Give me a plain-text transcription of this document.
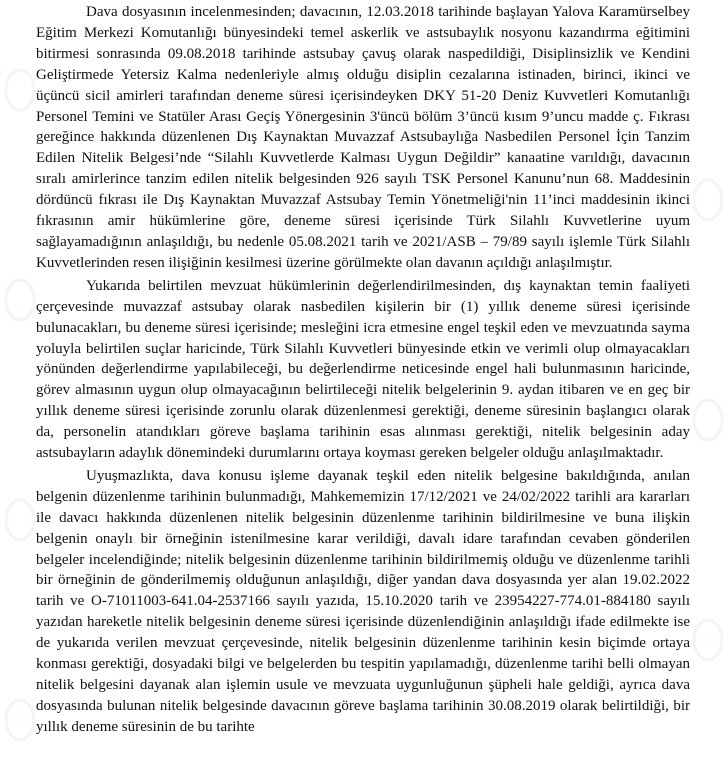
Dava dosyasının incelenmesinden; davacının, 12.03.2018 tarihinde başlayan Yalova Karamürselbey Eğitim Merkezi Komutanlığı bünyesindeki temel askerlik ve astsubaylık nosyonu kazandırma eğitimini bitirmesi sonrasında 09.08.2018 tarihinde astsubay çavuş olarak naspedildiği, Disiplinsizlik ve Kendini Geliştirmede Yetersiz Kalma nedenleriyle almış olduğu disiplin cezalarına istinaden, birinci, ikinci ve üçüncü sicil amirleri tarafından deneme süresi içerisindeyken DKY 51-20 Deniz Kuvvetleri Komutanlığı Personel Temini ve Statüler Arası Geçiş Yönergesinin 3'üncü bölüm 3’üncü kısım 9’uncu madde ç. Fıkrası gereğince hakkında düzenlenen Dış Kaynaktan Muvazzaf Astsubaylığa Nasbedilen Personel İçin Tanzim Edilen Nitelik Belgesi’nde “Silahlı Kuvvetlerde Kalması Uygun Değildir” kanaatine varıldığı, davacının sıralı amirlerince tanzim edilen nitelik belgesinden 926 sayılı TSK Personel Kanunu’nun 68. Maddesinin dördüncü fıkrası ile Dış Kaynaktan Muvazzaf Astsubay Temin Yönetmeliği'nin 11’inci maddesinin ikinci fıkrasının amir hükümlerine göre, deneme süresi içerisinde Türk Silahlı Kuvvetlerine uyum sağlayamadığının anlaşıldığı, bu nedenle 05.08.2021 tarih ve 2021/ASB – 79/89 sayılı işlemle Türk Silahlı Kuvvetlerinden resen ilişiğinin kesilmesi üzerine görülmekte olan davanın açıldığı anlaşılmıştır.

Yukarıda belirtilen mevzuat hükümlerinin değerlendirilmesinden, dış kaynaktan temin faaliyeti çerçevesinde muvazzaf astsubay olarak nasbedilen kişilerin bir (1) yıllık deneme süresi içerisinde bulunacakları, bu deneme süresi içerisinde; mesleğini icra etmesine engel teşkil eden ve mevzuatında sayma yoluyla belirtilen suçlar haricinde, Türk Silahlı Kuvvetleri bünyesinde etkin ve verimli olup olmayacakları yönünden değerlendirme yapılabileceği, bu değerlendirme neticesinde engel hali bulunmasının haricinde, görev almasının uygun olup olmayacağının belirtileceği nitelik belgelerinin 9. aydan itibaren ve en geç bir yıllık deneme süresi içerisinde zorunlu olarak düzenlenmesi gerektiği, deneme süresinin başlangıcı olarak da, personelin atandıkları göreve başlama tarihinin esas alınması gerektiği, nitelik belgesinin aday astsubayların adaylık dönemindeki durumlarını ortaya koyması gereken belgeler olduğu anlaşılmaktadır.

Uyuşmazlıkta, dava konusu işleme dayanak teşkil eden nitelik belgesine bakıldığında, anılan belgenin düzenlenme tarihinin bulunmadığı, Mahkememizin 17/12/2021 ve 24/02/2022 tarihli ara kararları ile davacı hakkında düzenlenen nitelik belgesinin düzenlenme tarihinin bildirilmesine ve buna ilişkin belgenin onaylı bir örneğinin istenilmesine karar verildiği, davalı idare tarafından cevaben gönderilen belgeler incelendiğinde; nitelik belgesinin düzenlenme tarihinin bildirilmemiş olduğu ve düzenlenme tarihli bir örneğinin de gönderilmemiş olduğunun anlaşıldığı, diğer yandan dava dosyasında yer alan 19.02.2022 tarih ve O-71011003-641.04-2537166 sayılı yazıda, 15.10.2020 tarih ve 23954227-774.01-884180 sayılı yazıdan hareketle nitelik belgesinin deneme süresi içerisinde düzenlendiğinin anlaşıldığı ifade edilmekte ise de yukarıda verilen mevzuat çerçevesinde, nitelik belgesinin düzenlenme tarihinin kesin biçimde ortaya konması gerektiği, dosyadaki bilgi ve belgelerden bu tespitin yapılamadığı, düzenlenme tarihi belli olmayan nitelik belgesini dayanak alan işlemin usule ve mevzuata uygunluğunun şüpheli hale geldiği, ayrıca dava dosyasında bulunan nitelik belgesinde davacının göreve başlama tarihinin 30.08.2019 olarak belirtildiği, bir yıllık deneme süresinin de bu tarihte
